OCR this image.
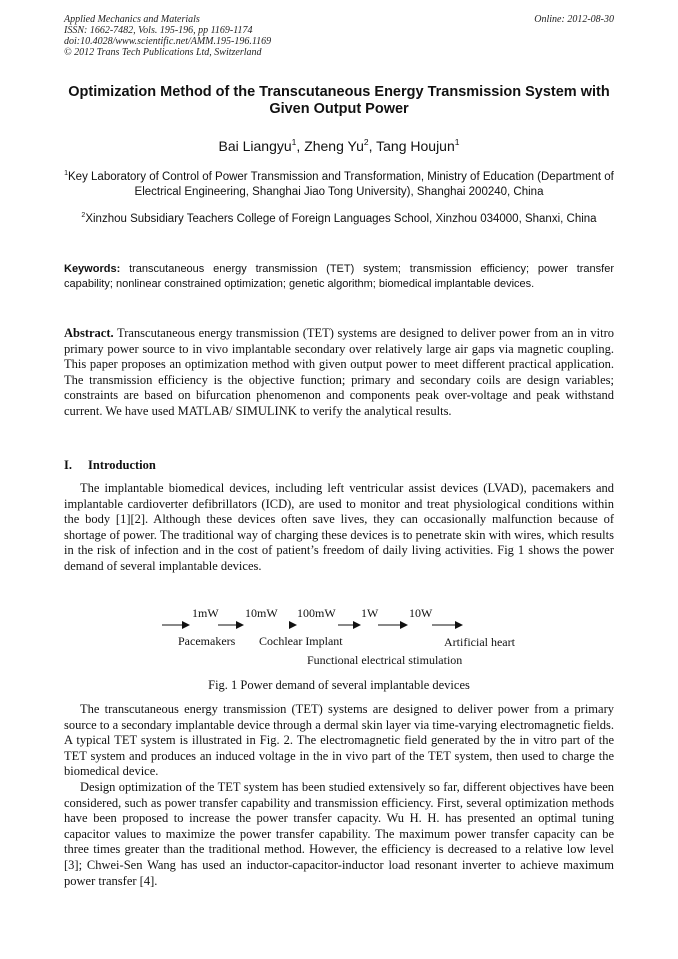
Applied Mechanics and Materials
ISSN: 1662-7482, Vols. 195-196, pp 1169-1174
doi:10.4028/www.scientific.net/AMM.195-196.1169
© 2012 Trans Tech Publications Ltd, Switzerland
Online: 2012-08-30
Optimization Method of the Transcutaneous Energy Transmission System with Given Output Power
Bai Liangyu$^1$, Zheng Yu$^2$, Tang Houjun$^1$
$^1$Key Laboratory of Control of Power Transmission and Transformation, Ministry of Education (Department of Electrical Engineering, Shanghai Jiao Tong University), Shanghai 200240, China
$^2$Xinzhou Subsidiary Teachers College of Foreign Languages School, Xinzhou 034000, Shanxi, China
Keywords: transcutaneous energy transmission (TET) system; transmission efficiency; power transfer capability; nonlinear constrained optimization; genetic algorithm; biomedical implantable devices.
Abstract. Transcutaneous energy transmission (TET) systems are designed to deliver power from an in vitro primary power source to in vivo implantable secondary over relatively large air gaps via magnetic coupling. This paper proposes an optimization method with given output power to meet different practical application. The transmission efficiency is the objective function; primary and secondary coils are design variables; constraints are based on bifurcation phenomenon and components peak over-voltage and peak withstand current. We have used MATLAB/ SIMULINK to verify the analytical results.
I. Introduction
The implantable biomedical devices, including left ventricular assist devices (LVAD), pacemakers and implantable cardioverter defibrillators (ICD), are used to monitor and treat physiological conditions within the body [1][2]. Although these devices often save lives, they can occasionally malfunction because of shortage of power. The traditional way of charging these devices is to penetrate skin with wires, which results in the risk of infection and in the cost of patient’s freedom of daily living activities. Fig 1 shows the power demand of several implantable devices.
1mW 10mW 100mW 1W	10W
Pacemakers Cochlear Implant	Artificial heart
Functional electrical stimulation
Fig. 1 Power demand of several implantable devices
The transcutaneous energy transmission (TET) systems are designed to deliver power from a primary source to a secondary implantable device through a dermal skin layer via time-varying electromagnetic fields. A typical TET system is illustrated in Fig. 2. The electromagnetic field generated by the in vitro part of the TET system and produces an induced voltage in the in vivo part of the TET system, then used to charge the biomedical device.
Design optimization of the TET system has been studied extensively so far, different objectives have been considered, such as power transfer capability and transmission efficiency. First, several optimization methods have been proposed to increase the power transfer capacity. Wu H. H. has presented an optimal tuning capacitor values to maximize the power transfer capability. The maximum power transfer capacity can be three times greater than the traditional method. However, the efficiency is decreased to a relative low level [3]; Chwei-Sen Wang has used an inductor-capacitor-inductor load resonant inverter to achieve maximum power transfer [4].
